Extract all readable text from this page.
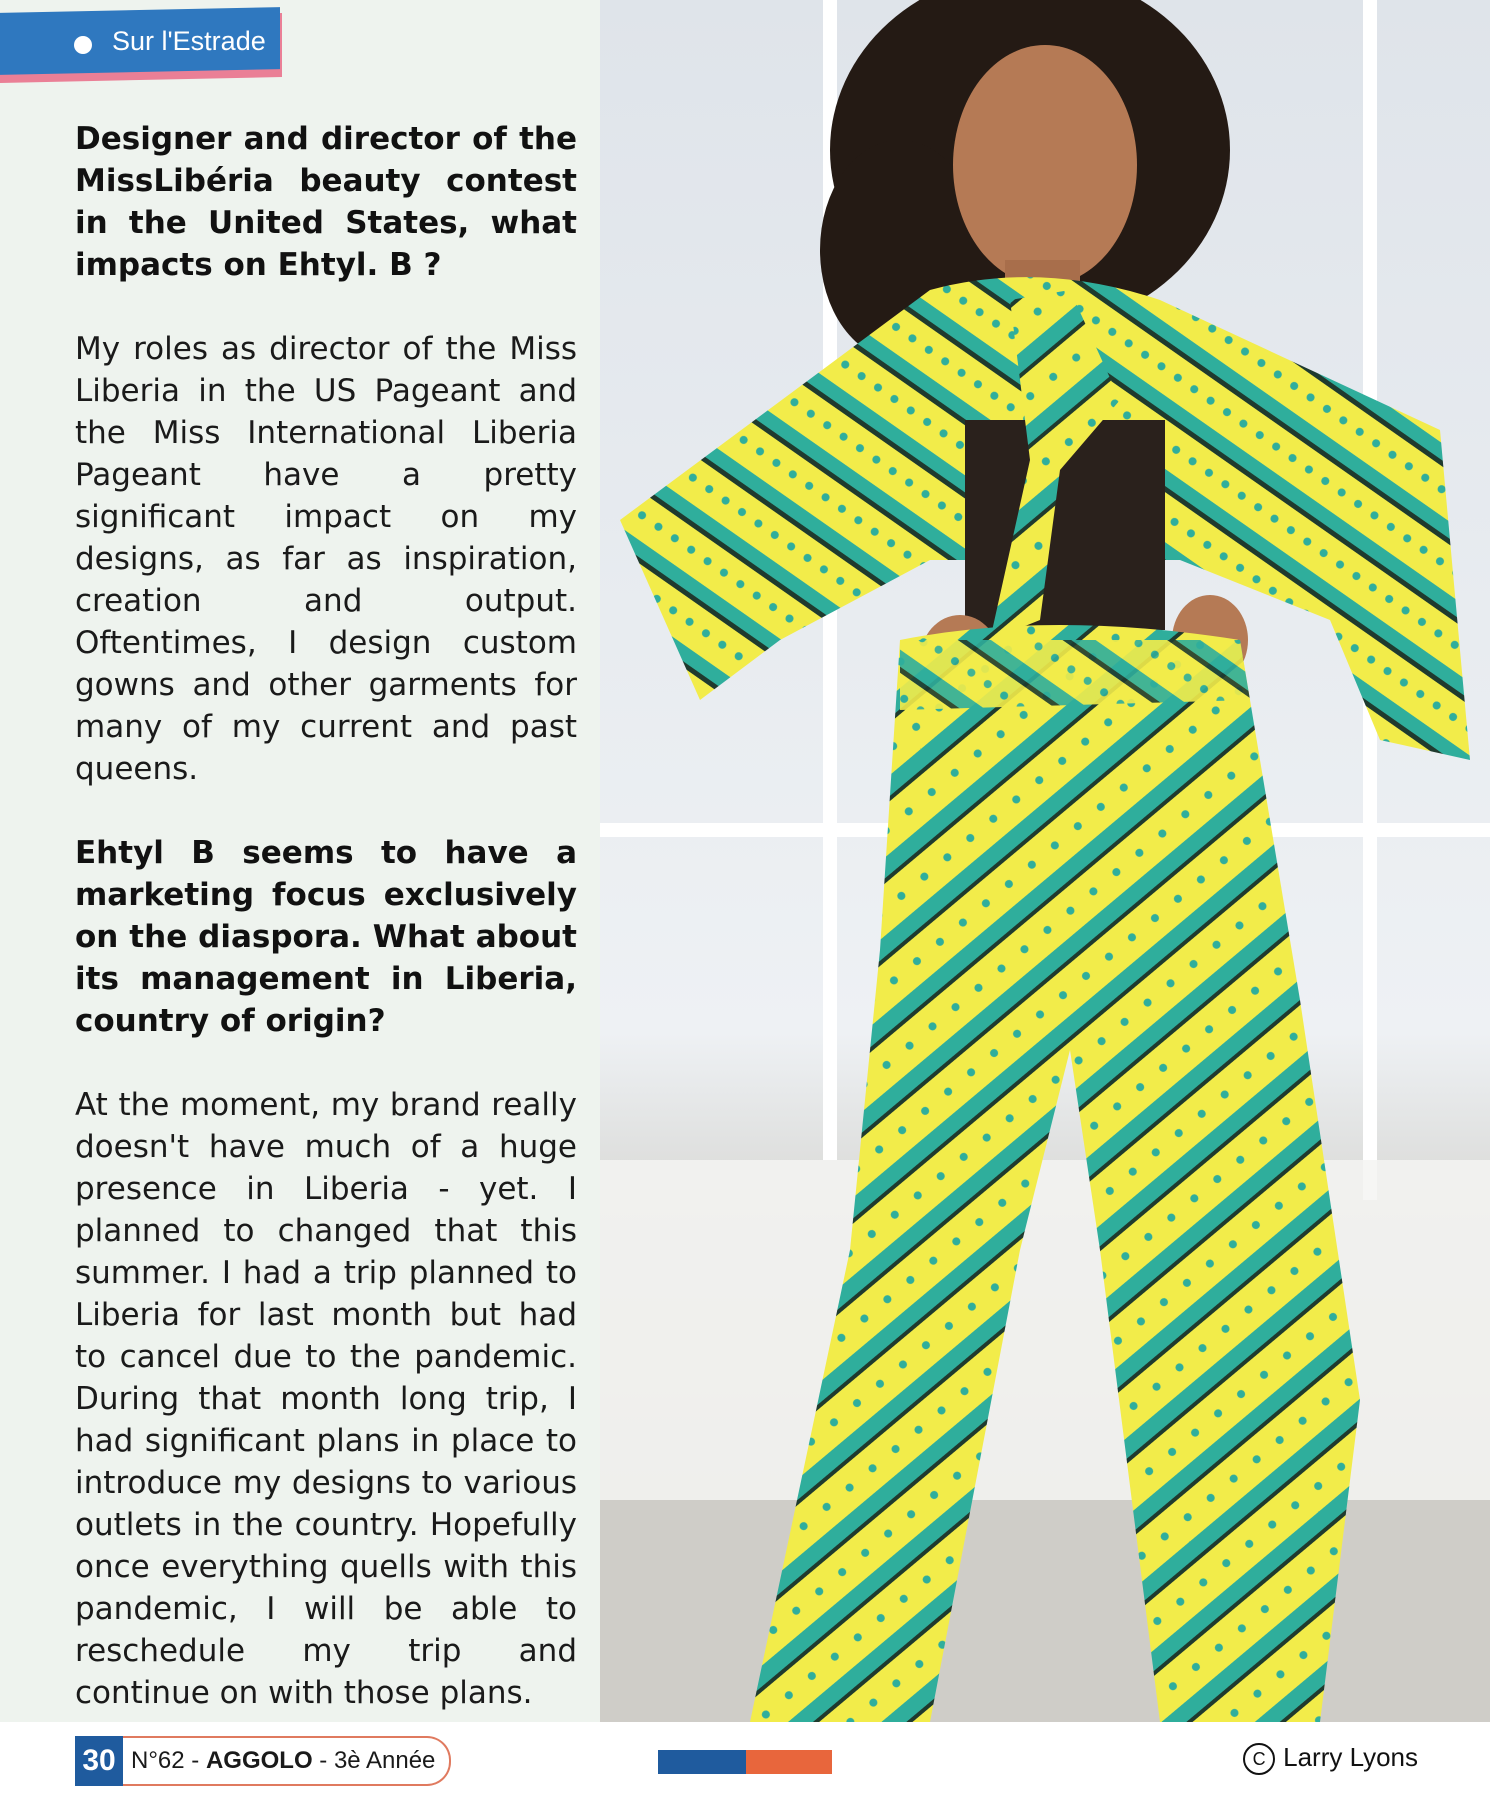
Sur l'Estrade

Designer and director of the MissLibéria beauty contest in the United States, what impacts on Ehtyl. B ?

My roles as director of the Miss Liberia in the US Pageant and the Miss International Liberia Pageant have a pretty significant impact on my designs, as far as inspiration, creation and output. Oftentimes, I design custom gowns and other garments for many of my current and past queens.

Ehtyl B seems to have a marketing focus exclusively on the diaspora. What about its management in Liberia, country of origin?

At the moment, my brand really doesn't have much of a huge presence in Liberia - yet. I planned to changed that this summer. I had a trip planned to Liberia for last month but had to cancel due to the pandemic. During that month long trip, I had significant plans in place to introduce my designs to various outlets in the country. Hopefully once everything quells with this pandemic, I will be able to reschedule my trip and continue on with those plans.

30 N°62 - AGGOLO - 3è Année	C Larry Lyons
